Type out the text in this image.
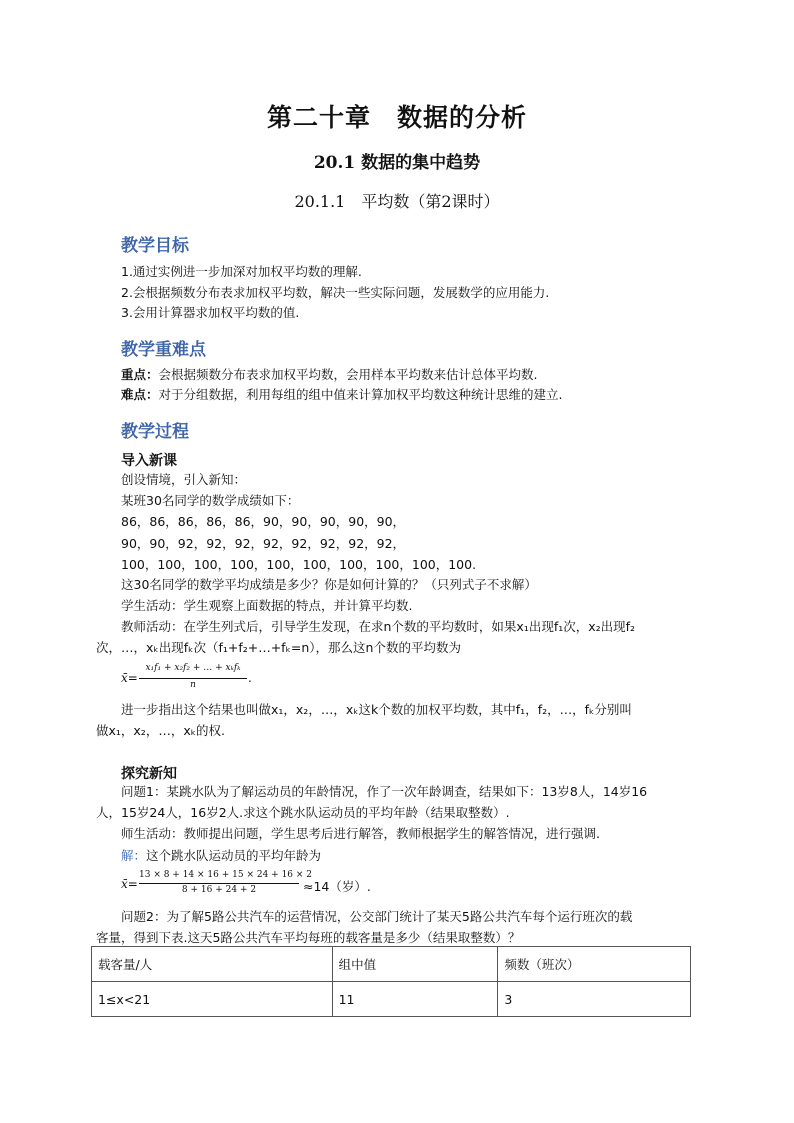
第二十章　数据的分析
20.1 数据的集中趋势
20.1.1　平均数（第2课时）
教学目标
1.通过实例进一步加深对加权平均数的理解.
2.会根据频数分布表求加权平均数，解决一些实际问题，发展数学的应用能力.
3.会用计算器求加权平均数的值.
教学重难点
重点：会根据频数分布表求加权平均数，会用样本平均数来估计总体平均数.
难点：对于分组数据，利用每组的组中值来计算加权平均数这种统计思维的建立.
教学过程
导入新课
创设情境，引入新知：
某班30名同学的数学成绩如下：
86，86，86，86，86，90，90，90，90，90，
90，90，92，92，92，92，92，92，92，92，
100，100，100，100，100，100，100，100，100，100.
这30名同学的数学平均成绩是多少？你是如何计算的？（只列式子不求解）
学生活动：学生观察上面数据的特点，并计算平均数.
教师活动：在学生列式后，引导学生发现，在求n个数的平均数时，如果x₁出现f₁次，x₂出现f₂
次，…，xₖ出现fₖ次（f₁+f₂+…+fₖ=n），那么这n个数的平均数为
x̄=
x₁f₁ + x₂f₂ + … + xₖfₖ
n	.
进一步指出这个结果也叫做x₁，x₂，…，xₖ这k个数的加权平均数，其中f₁，f₂，…，fₖ分别叫
做x₁，x₂，…，xₖ的权.
探究新知
问题1：某跳水队为了解运动员的年龄情况，作了一次年龄调查，结果如下：13岁8人，14岁16
人，15岁24人，16岁2人.求这个跳水队运动员的平均年龄（结果取整数）.
师生活动：教师提出问题，学生思考后进行解答，教师根据学生的解答情况，进行强调.
解：这个跳水队运动员的平均年龄为
x̄=
13 × 8 + 14 × 16 + 15 × 24 + 16 × 2
8 + 16 + 24 + 2	≈14（岁）.
问题2：为了解5路公共汽车的运营情况，公交部门统计了某天5路公共汽车每个运行班次的载
客量，得到下表.这天5路公共汽车平均每班的载客量是多少（结果取整数）？
载客量/人	组中值	频数（班次）
1≤x<21	11	3
